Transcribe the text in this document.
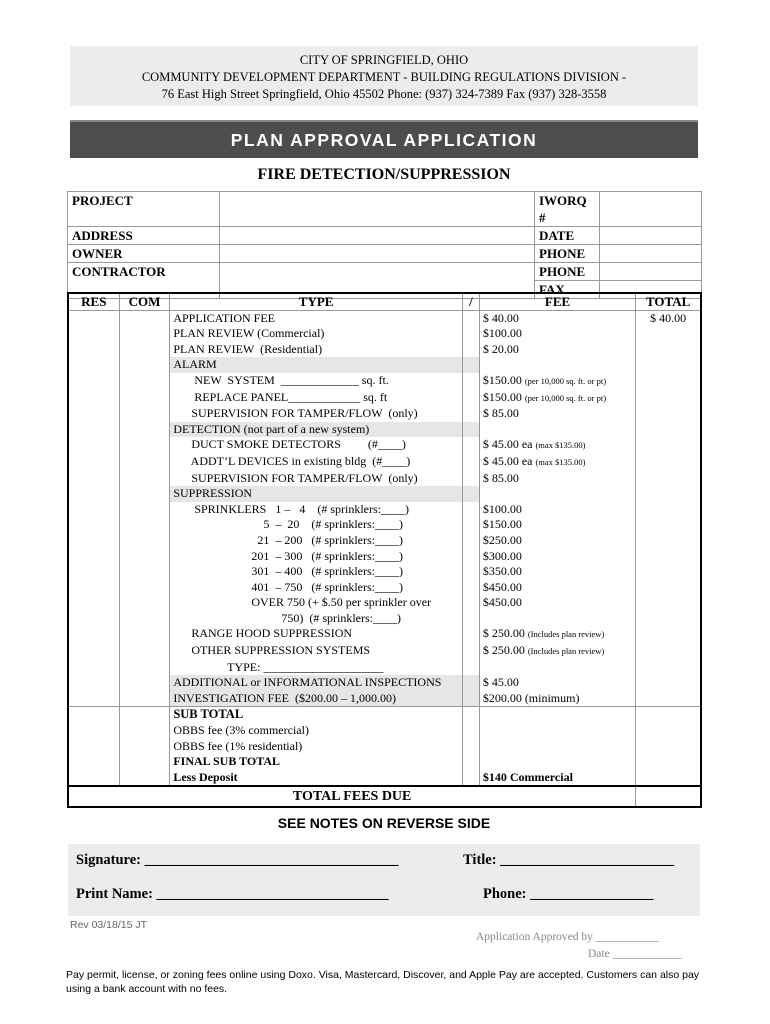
CITY OF SPRINGFIELD, OHIO
COMMUNITY DEVELOPMENT DEPARTMENT - BUILDING REGULATIONS DIVISION -
76 East High Street Springfield, Ohio 45502 Phone: (937) 324-7389 Fax (937) 328-3558
PLAN APPROVAL APPLICATION
FIRE DETECTION/SUPPRESSION
PROJECT		IWORQ #	
ADDRESS		DATE	
OWNER		PHONE	
CONTRACTOR		PHONE	
		FAX	
RES	COM	TYPE	/	FEE	TOTAL
		APPLICATION FEE		$ 40.00	$ 40.00
		PLAN REVIEW (Commercial)		$100.00	
		PLAN REVIEW  (Residential)		$ 20.00	
		ALARM			
		NEW  SYSTEM  _____________ sq. ft.		$150.00 (per 10,000 sq. ft. or pt)	
		REPLACE PANEL____________ sq. ft		$150.00 (per 10,000 sq. ft. or pt)	
		SUPERVISION FOR TAMPER/FLOW  (only)		$ 85.00	
		DETECTION (not part of a new system)			
		DUCT SMOKE DETECTORS         (#____)		$ 45.00 ea (max $135.00)	
		ADDT’L DEVICES in existing bldg  (#____)		$ 45.00 ea (max $135.00)	
		SUPERVISION FOR TAMPER/FLOW  (only)		$ 85.00	
		SUPPRESSION			
		SPRINKLERS   1 –   4    (# sprinklers:____)		$100.00	
		5  –  20    (# sprinklers:____)		$150.00	
		21  – 200   (# sprinklers:____)		$250.00	
		201  – 300   (# sprinklers:____)		$300.00	
		301  – 400   (# sprinklers:____)		$350.00	
		401  – 750   (# sprinklers:____)		$450.00	
		OVER 750 (+ $.50 per sprinkler over		$450.00	
		750)  (# sprinklers:____)			
		RANGE HOOD SUPPRESSION		$ 250.00 (Includes plan review)	
		OTHER SUPPRESSION SYSTEMS		$ 250.00 (Includes plan review)	
		TYPE: ____________________			
		ADDITIONAL or INFORMATIONAL INSPECTIONS		$ 45.00	
		INVESTIGATION FEE  ($200.00 – 1,000.00)		$200.00 (minimum)	
		SUB TOTAL			
		OBBS fee (3% commercial)			
		OBBS fee (1% residential)			
		FINAL SUB TOTAL			
		Less Deposit		$140 Commercial	
TOTAL FEES DUE					
SEE NOTES ON REVERSE SIDE
Signature: ___________________________________	Title: ________________________
Print Name: ________________________________	Phone: _________________
Rev 03/18/15 JT
Application Approved by ___________
Date ____________
Pay permit, license, or zoning fees online using Doxo. Visa, Mastercard, Discover, and Apple Pay are accepted. Customers can also pay using a bank account with no fees.
